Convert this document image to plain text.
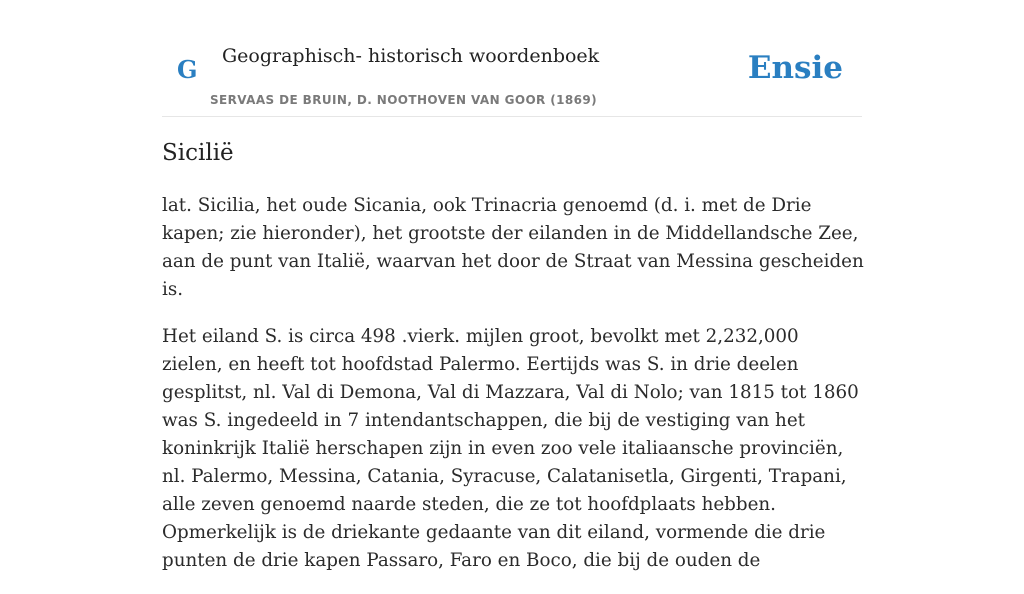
G Geographisch- historisch woordenboek
SERVAAS DE BRUIN, D. NOOTHOVEN VAN GOOR (1869)
Ensie
Sicilië

lat. Sicilia, het oude Sicania, ook Trinacria genoemd (d. i. met de Drie kapen; zie hieronder), het grootste der eilanden in de Middellandsche Zee, aan de punt van Italië, waarvan het door de Straat van Messina gescheiden is.

Het eiland S. is circa 498 .vierk. mijlen groot, bevolkt met 2,232,000 zielen, en heeft tot hoofdstad Palermo. Eertijds was S. in drie deelen gesplitst, nl. Val di Demona, Val di Mazzara, Val di Nolo; van 1815 tot 1860 was S. ingedeeld in 7 intendantschappen, die bij de vestiging van het koninkrijk Italië herschapen zijn in even zoo vele italiaansche provinciën, nl. Palermo, Messina, Catania, Syracuse, Calatanisetla, Girgenti, Trapani, alle zeven genoemd naarde steden, die ze tot hoofdplaats hebben. Opmerkelijk is de driekante gedaante van dit eiland, vormende die drie punten de drie kapen Passaro, Faro en Boco, die bij de ouden de
